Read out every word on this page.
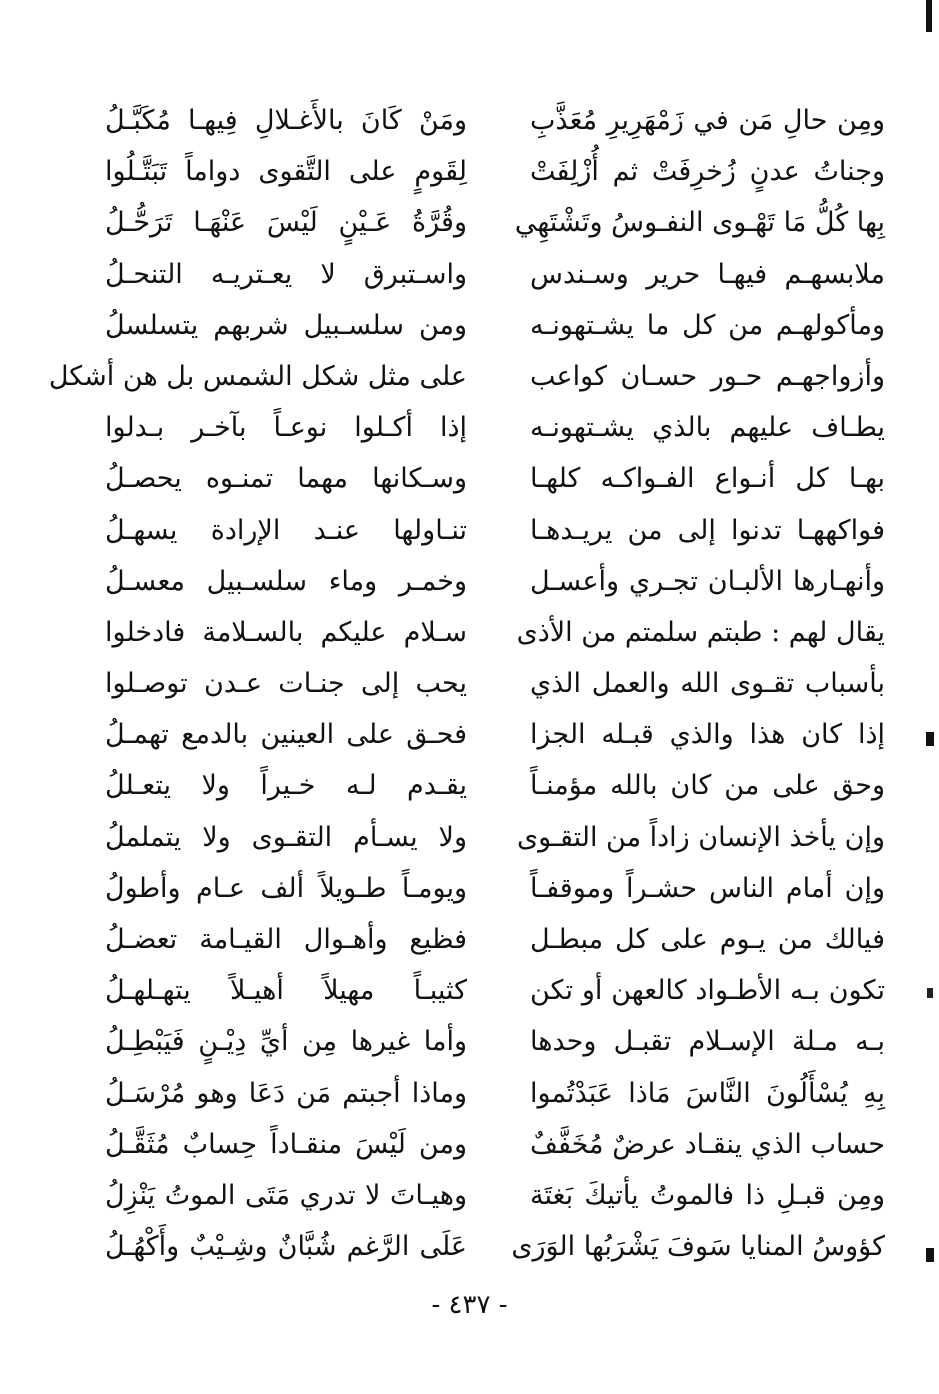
ومِن حالِ مَن في زَمْهَرِيرِ مُعَذَّبِ
وجناتُ عدنٍ زُخرِفَتْ ثم أُزْلِفَتْ
بِها كُلُّ مَا تَهْـوى النفـوسُ وتَشْتَهِي
ملابسهـم فيهـا حرير وسـندس
ومأكولهـم من كل ما يشـتهونـه
وأزواجهـم حـور حسـان كواعب
يطـاف عليهم بالذي يشـتهونـه
بهـا كل أنـواع الفـواكـه كلهـا
فواكههـا تدنوا إلى من يريـدهـا
وأنهـارها الألبـان تجـري وأعسـل
يقال لهم : طبتم سلمتم من الأذى
بأسباب تقـوى الله والعمل الذي
إذا كان هذا والذي قبـله الجزا
وحق على من كان بالله مؤمنـاً
وإن يأخذ الإنسان زاداً من التقـوى
وإن أمام الناس حشـراً وموقفـاً
فيالك من يـوم على كل مبطـل
تكون بـه الأطـواد كالعهن أو تكن
بـه مـلة الإسـلام تقبـل وحدها
بِهِ يُسْأَلُونَ النَّاسَ مَاذا عَبَدْتُموا
حساب الذي ينقـاد عرضٌ مُخَفَّفٌ
ومِن قبـلِ ذا فالموتُ يأتيكَ بَغتَة
كؤوسُ المنايا سَوفَ يَشْرَبُها الوَرَى
ومَنْ كَانَ بالأَغـلالِ فِيهـا مُكَبَّـلُ
لِقَومٍ على التَّقوى دواماً تَبَتَّـلُوا
وقُرَّةُ عَـيْنٍ لَيْسَ عَنْهَـا تَرَحُّـلُ
واسـتبرق لا يعـتريـه التنحـلُ
ومن سلسـبيل شربهم يتسلسلُ
على مثل شكل الشمس بل هن أشكل
إذا أكـلوا نوعـاً بآخـر بـدلوا
وسـكانها مهما تمنـوه يحصـلُ
تنـاولها عنـد الإرادة يسهـلُ
وخمـر وماء سلسـبيل معسـلُ
سـلام عليكم بالسـلامة فادخلوا
يحب إلى جنـات عـدن توصـلوا
فحـق على العينين بالدمع تهمـلُ
يقـدم لـه خـيراً ولا يتعـللُ
ولا يسـأم التقـوى ولا يتململُ
ويومـاً طـويلاً ألف عـام وأطولُ
فظيع وأهـوال القيـامة تعضـلُ
كثيبـاً مهيلاً أهيـلاً يتهـلهـلُ
وأما غيرها مِن أيِّ دِيْـنٍ فَيَبْطِـلُ
وماذا أجبتم مَن دَعَا وهو مُرْسَـلُ
ومن لَيْسَ منقـاداً حِسابٌ مُثَقَّـلُ
وهيـاتَ لا تدري مَتَى الموتُ يَنْزِلُ
عَلَى الرَّغم شُبَّانٌ وشِـيْبٌ وأَكْهُـلُ
- ٤٣٧ -
